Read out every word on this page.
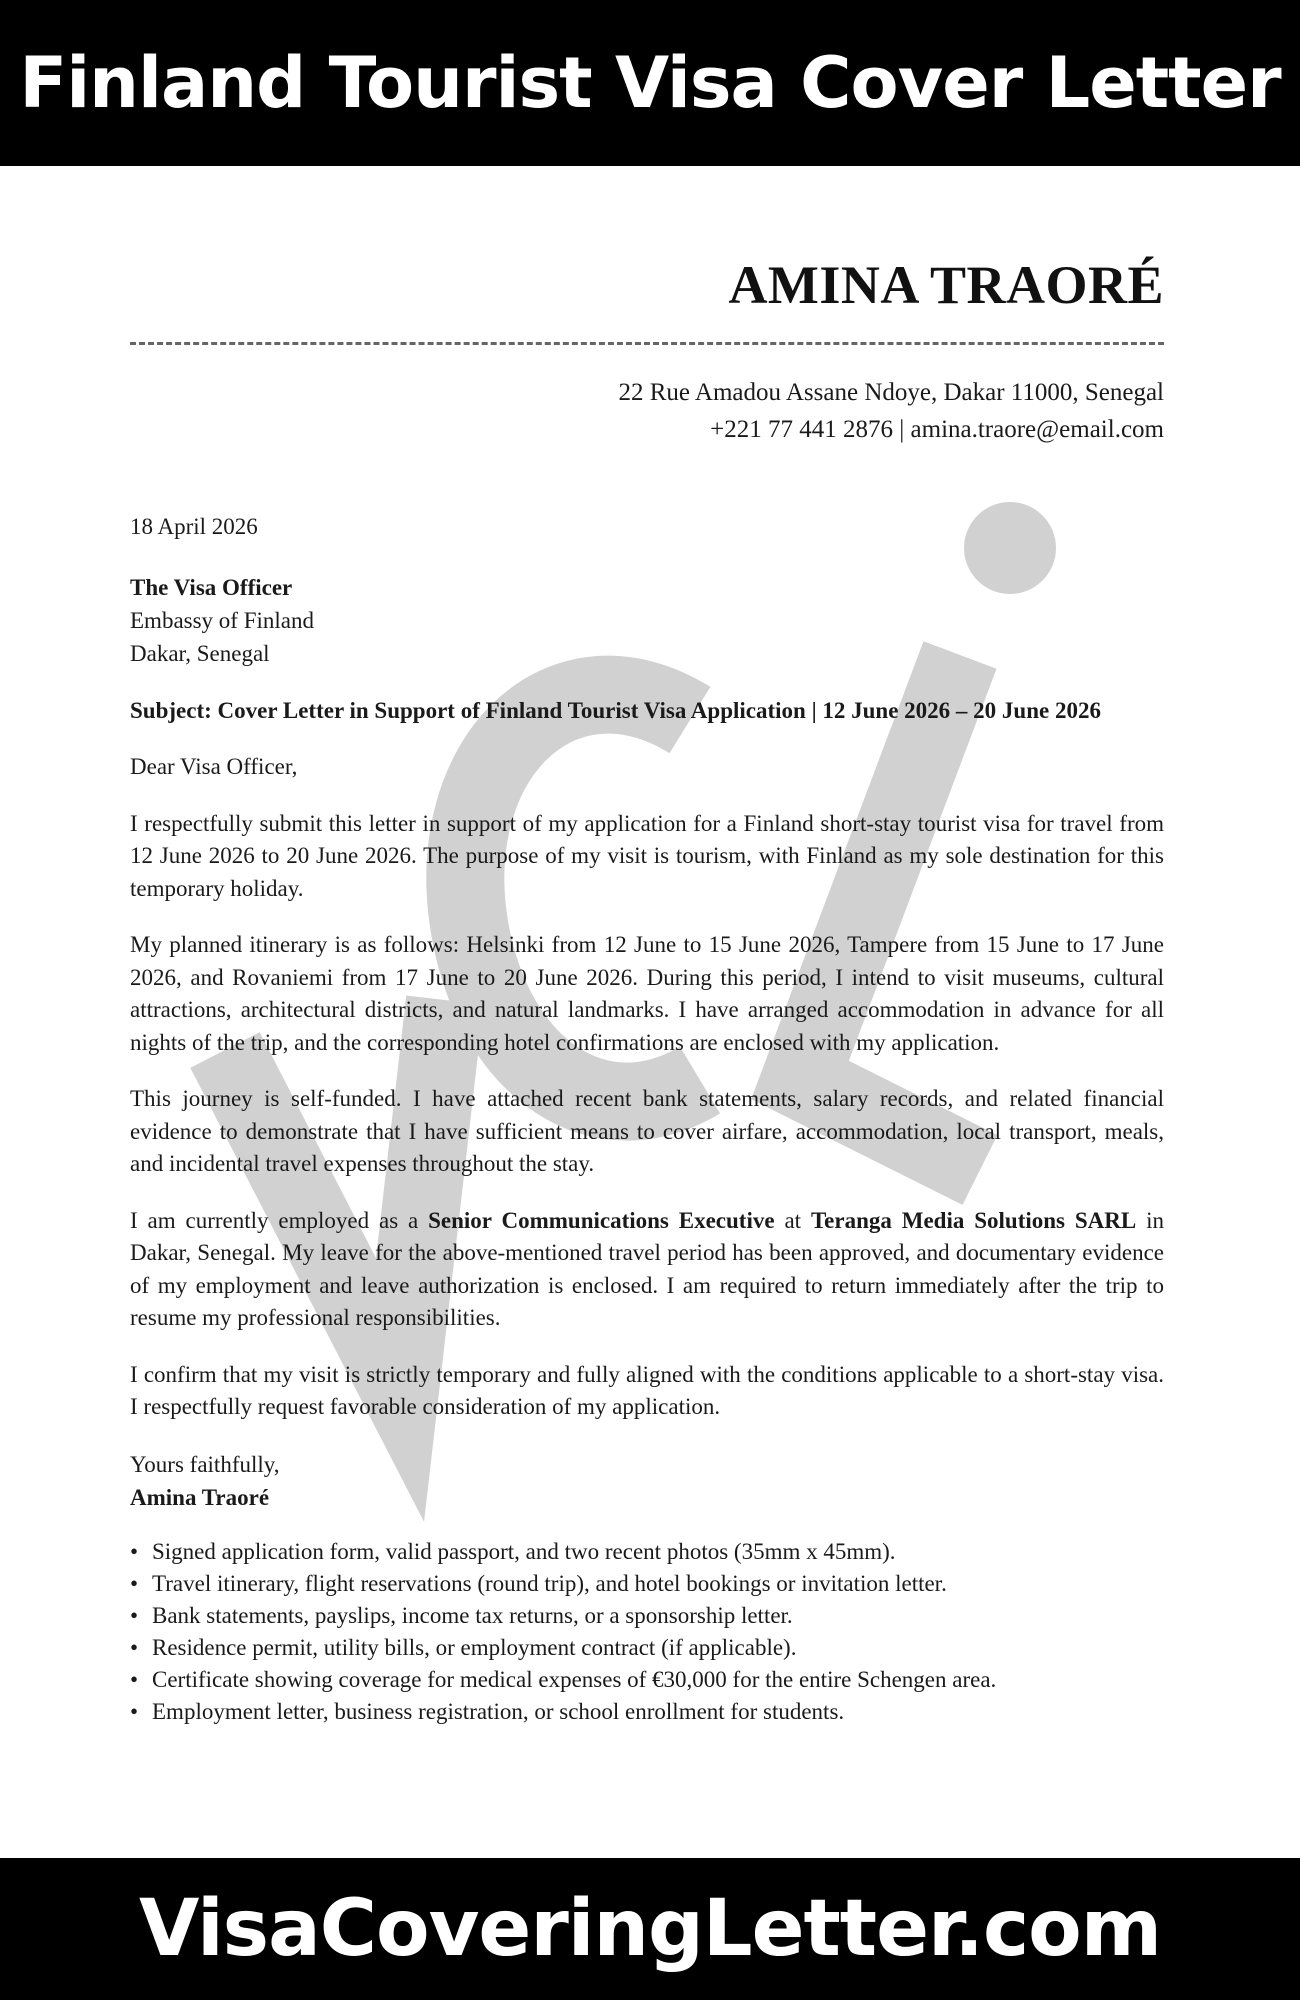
Finland Tourist Visa Cover Letter
AMINA TRAORÉ
22 Rue Amadou Assane Ndoye, Dakar 11000, Senegal
+221 77 441 2876 | amina.traore@email.com

18 April 2026

The Visa Officer
Embassy of Finland
Dakar, Senegal

Subject: Cover Letter in Support of Finland Tourist Visa Application | 12 June 2026 – 20 June 2026

Dear Visa Officer,

I respectfully submit this letter in support of my application for a Finland short-stay tourist visa for travel from 12 June 2026 to 20 June 2026. The purpose of my visit is tourism, with Finland as my sole destination for this temporary holiday.

My planned itinerary is as follows: Helsinki from 12 June to 15 June 2026, Tampere from 15 June to 17 June 2026, and Rovaniemi from 17 June to 20 June 2026. During this period, I intend to visit museums, cultural attractions, architectural districts, and natural landmarks. I have arranged accommodation in advance for all nights of the trip, and the corresponding hotel confirmations are enclosed with my application.

This journey is self-funded. I have attached recent bank statements, salary records, and related financial evidence to demonstrate that I have sufficient means to cover airfare, accommodation, local transport, meals, and incidental travel expenses throughout the stay.

I am currently employed as a Senior Communications Executive at Teranga Media Solutions SARL in Dakar, Senegal. My leave for the above-mentioned travel period has been approved, and documentary evidence of my employment and leave authorization is enclosed. I am required to return immediately after the trip to resume my professional responsibilities.

I confirm that my visit is strictly temporary and fully aligned with the conditions applicable to a short-stay visa. I respectfully request favorable consideration of my application.

Yours faithfully,
Amina Traoré
• Signed application form, valid passport, and two recent photos (35mm x 45mm).
• Travel itinerary, flight reservations (round trip), and hotel bookings or invitation letter.
• Bank statements, payslips, income tax returns, or a sponsorship letter.
• Residence permit, utility bills, or employment contract (if applicable).
• Certificate showing coverage for medical expenses of €30,000 for the entire Schengen area.
• Employment letter, business registration, or school enrollment for students.
VisaCoveringLetter.com
